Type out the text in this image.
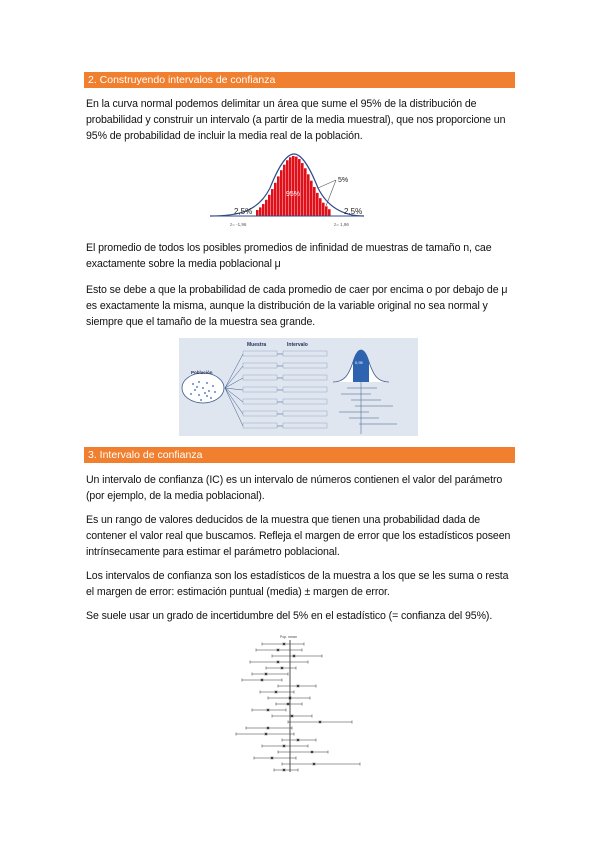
2. Construyendo intervalos de confianza
En la curva normal podemos delimitar un área que sume el 95% de la distribución de probabilidad y construir un intervalo (a partir de la media muestral), que nos proporcione un 95% de probabilidad de incluir la media real de la población.
95%
5%
2,5%	2,5%
z= -1,96	z= 1,96
El promedio de todos los posibles promedios de infinidad de muestras de tamaño n, cae exactamente sobre la media poblacional μ
Esto se debe a que la probabilidad de cada promedio de caer por encima o por debajo de μ es exactamente la misma, aunque la distribución de la variable original no sea normal y siempre que el tamaño de la muestra sea grande.
Muestra	Intervalo
Población
0,95
3. Intervalo de confianza
Un intervalo de confianza (IC) es un intervalo de números contienen el valor del parámetro (por ejemplo, de la media poblacional).
Es un rango de valores deducidos de la muestra que tienen una probabilidad dada de contener el valor real que buscamos. Refleja el margen de error que los estadísticos poseen intrínsecamente para estimar el parámetro poblacional.
Los intervalos de confianza son los estadísticos de la muestra a los que se les suma o resta el margen de error: estimación puntual (media) ± margen de error.
Se suele usar un grado de incertidumbre del 5% en el estadístico (= confianza del 95%).
Pop. mean
